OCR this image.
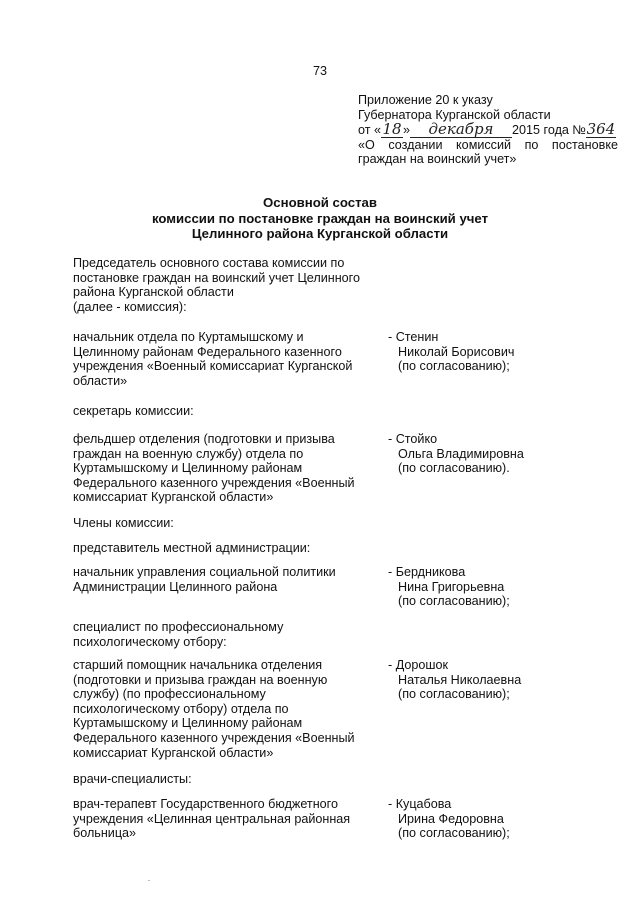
73
Приложение 20 к указу
Губернатора Курганской области
от «18» декабря 2015 года №364
«О создании комиссий по постановке
граждан на воинский учет»
Основной состав
комиссии по постановке граждан на воинский учет
Целинного района Курганской области
Председатель основного состава комиссии по
постановке граждан на воинский учет Целинного
района Курганской области
(далее - комиссия):
начальник отдела по Куртамышскому и
Целинному районам Федерального казенного
учреждения «Военный комиссариат Курганской
области»
- Стенин
Николай Борисович
(по согласованию);
секретарь комиссии:
фельдшер отделения (подготовки и призыва
граждан на военную службу) отдела по
Куртамышскому и Целинному районам
Федерального казенного учреждения «Военный
комиссариат Курганской области»
- Стойко
Ольга Владимировна
(по согласованию).
Члены комиссии:
представитель местной администрации:
начальник управления социальной политики
Администрации Целинного района
- Бердникова
Нина Григорьевна
(по согласованию);
специалист по профессиональному
психологическому отбору:
старший помощник начальника отделения
(подготовки и призыва граждан на военную
службу) (по профессиональному
психологическому отбору) отдела по
Куртамышскому и Целинному районам
Федерального казенного учреждения «Военный
комиссариат Курганской области»
- Дорошок
Наталья Николаевна
(по согласованию);
врачи-специалисты:
врач-терапевт Государственного бюджетного
учреждения «Целинная центральная районная
больница»
- Куцабова
Ирина Федоровна
(по согласованию);
